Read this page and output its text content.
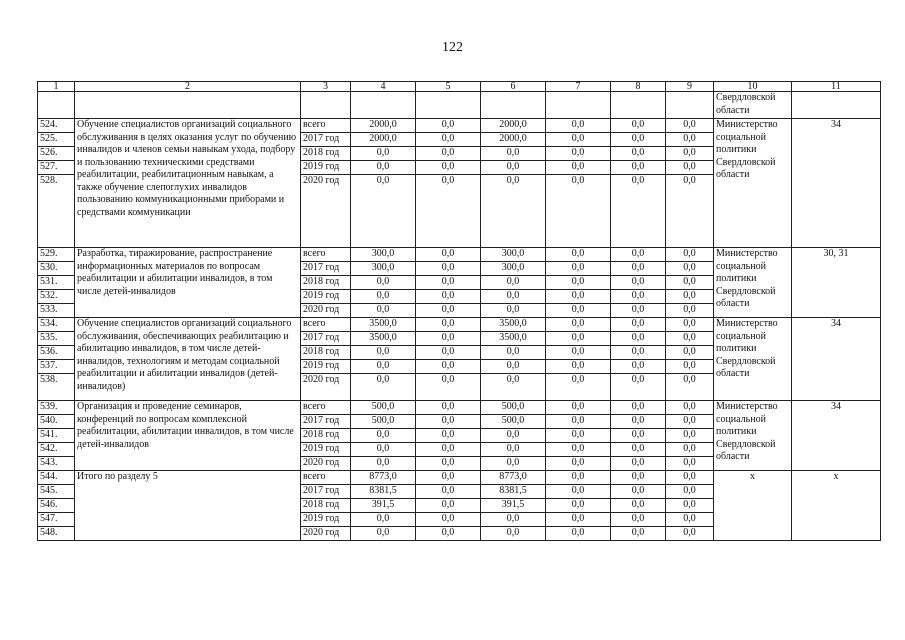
122
1	2	3	4	5	6	7	8	9	10	11
									Свердловской области	
524.	Обучение специалистов организаций социального обслуживания в целях оказания услуг по обучению инвалидов и членов семьи навыкам ухода, подбору и пользованию техническими средствами реабилитации, реабилитационным навыкам, а также обучение слепоглухих инвалидов пользованию коммуникационными приборами и средствами коммуникации	всего	2000,0	0,0	2000,0	0,0	0,0	0,0	Министерство социальной политики Свердловской области	34
525.		2017 год	2000,0	0,0	2000,0	0,0	0,0	0,0		
526.		2018 год	0,0	0,0	0,0	0,0	0,0	0,0		
527.		2019 год	0,0	0,0	0,0	0,0	0,0	0,0		
528.		2020 год	0,0	0,0	0,0	0,0	0,0	0,0		
529.	Разработка, тиражирование, распространение информационных материалов по вопросам реабилитации и абилитации инвалидов, в том числе детей-инвалидов	всего	300,0	0,0	300,0	0,0	0,0	0,0	Министерство социальной политики Свердловской области	30, 31
530.		2017 год	300,0	0,0	300,0	0,0	0,0	0,0		
531.		2018 год	0,0	0,0	0,0	0,0	0,0	0,0		
532.		2019 год	0,0	0,0	0,0	0,0	0,0	0,0		
533.		2020 год	0,0	0,0	0,0	0,0	0,0	0,0		
534.	Обучение специалистов организаций социального обслуживания, обеспечивающих реабилитацию и абилитацию инвалидов, в том числе детей-инвалидов, технологиям и методам социальной реабилитации и абилитации инвалидов (детей-инвалидов)	всего	3500,0	0,0	3500,0	0,0	0,0	0,0	Министерство социальной политики Свердловской области	34
535.		2017 год	3500,0	0,0	3500,0	0,0	0,0	0,0		
536.		2018 год	0,0	0,0	0,0	0,0	0,0	0,0		
537.		2019 год	0,0	0,0	0,0	0,0	0,0	0,0		
538.		2020 год	0,0	0,0	0,0	0,0	0,0	0,0		
539.	Организация и проведение семинаров, конференций по вопросам комплексной реабилитации, абилитации инвалидов, в том числе детей-инвалидов	всего	500,0	0,0	500,0	0,0	0,0	0,0	Министерство социальной политики Свердловской области	34
540.		2017 год	500,0	0,0	500,0	0,0	0,0	0,0		
541.		2018 год	0,0	0,0	0,0	0,0	0,0	0,0		
542.		2019 год	0,0	0,0	0,0	0,0	0,0	0,0		
543.		2020 год	0,0	0,0	0,0	0,0	0,0	0,0		
544.	Итого по разделу 5	всего	8773,0	0,0	8773,0	0,0	0,0	0,0	х	х
545.		2017 год	8381,5	0,0	8381,5	0,0	0,0	0,0		
546.		2018 год	391,5	0,0	391,5	0,0	0,0	0,0		
547.		2019 год	0,0	0,0	0,0	0,0	0,0	0,0		
548.		2020 год	0,0	0,0	0,0	0,0	0,0	0,0		
